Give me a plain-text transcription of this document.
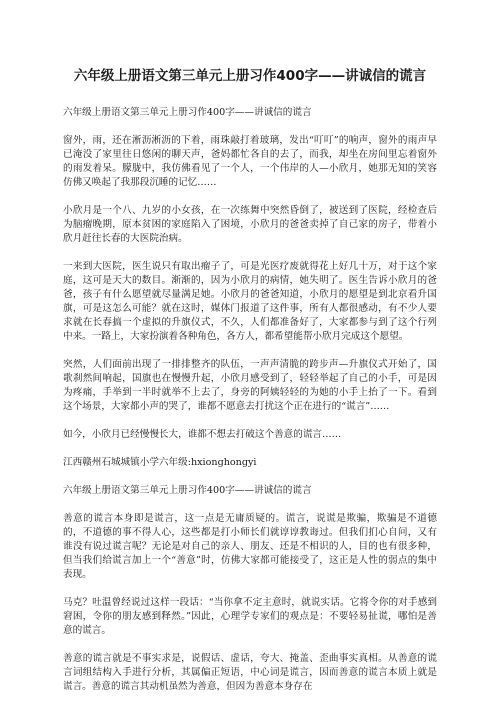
六年级上册语文第三单元上册习作400字——讲诚信的谎言

六年级上册语文第三单元上册习作400字——讲诚信的谎言

窗外，雨，还在淅沥淅沥的下着，雨珠敲打着玻璃，发出“叮叮”的响声，窗外的雨声早已淹没了家里往日悠闲的聊天声，爸妈都忙各自的去了，而我，却坐在房间里忘着窗外的雨发着呆。朦胧中，我仿佛看见了一个人，一个伟岸的人—小欣月，她那无知的笑容仿佛又唤起了我那段沉睡的记忆……

小欣月是一个八、九岁的小女孩，在一次练舞中突然昏倒了，被送到了医院，经检查后为脑瘤晚期，原本贫困的家庭陷入了困境，小欣月的爸爸卖掉了自己家的房子，带着小欣月赶往长春的大医院治病。

一来到大医院，医生说只有取出瘤子了，可是光医疗废就得花上好几十万，对于这个家庭，这可是天大的数目。渐渐的，因为小欣月的病情，她失明了。医生告诉小欣月的爸爸，孩子有什么愿望就尽量满足她。小欣月的爸爸知道，小欣月的愿望是到北京看升国旗，可是这怎么可能？就在这时，媒体门报道了这件事，所有人都很感动，有不少人要求就在长春搞一个虚拟的升旗仪式，不久，人们都准备好了，大家都参与到了这个行列中来。一路上，大家扮演着各种角色，各方人，都希望能帮小欣月完成这个愿望。

突然，人们面前出现了一排排整齐的队伍，一声声清脆的跨步声—升旗仪式开始了，国歌刹然间响起，国旗也在慢慢升起，小欣月感受到了，轻轻举起了自己的小手，可是因为疼痛，手举到一半时就举不上去了，身旁的阿姨轻轻的为她的小手上抬了一下。看到这个场景，大家都小声的哭了，谁都不愿意去打扰这个正在进行的“谎言”……

如今，小欣月已经慢慢长大，谁都不想去打破这个善意的谎言……

江西赣州石城城镇小学六年级:hxionghongyi

六年级上册语文第三单元上册习作400字——讲诚信的谎言

善意的谎言本身即是谎言，这一点是无庸质疑的。谎言，说谎是欺骗，欺骗是不道德的，不道德的事不得人心，这些都是打小师长们就谆谆教诲过。但我们扪心自问，又有谁没有说过谎言呢？无论是对自己的亲人、朋友、还是不相识的人，目的也有很多种，但当我们给谎言加上一个“善意”时，仿佛大家都可能接受了，这正是人性的弱点的集中表现。

马克？吐温曾经说过这样一段话：“当你拿不定主意时，就说实话。它将令你的对手感到窘困，令你的朋友感到释然。”因此，心理学专家们的观点是：不要轻易扯谎，哪怕是善意的谎言。

善意的谎言就是不事实求是，说假话、虚话，夸大、掩盖、歪曲事实真相。从善意的谎言词组结构入手进行分析，其属偏正短语，中心词是谎言，因而善意的谎言本质上就是谎言。善意的谎言其动机虽然为善意，但因为善意本身存在
